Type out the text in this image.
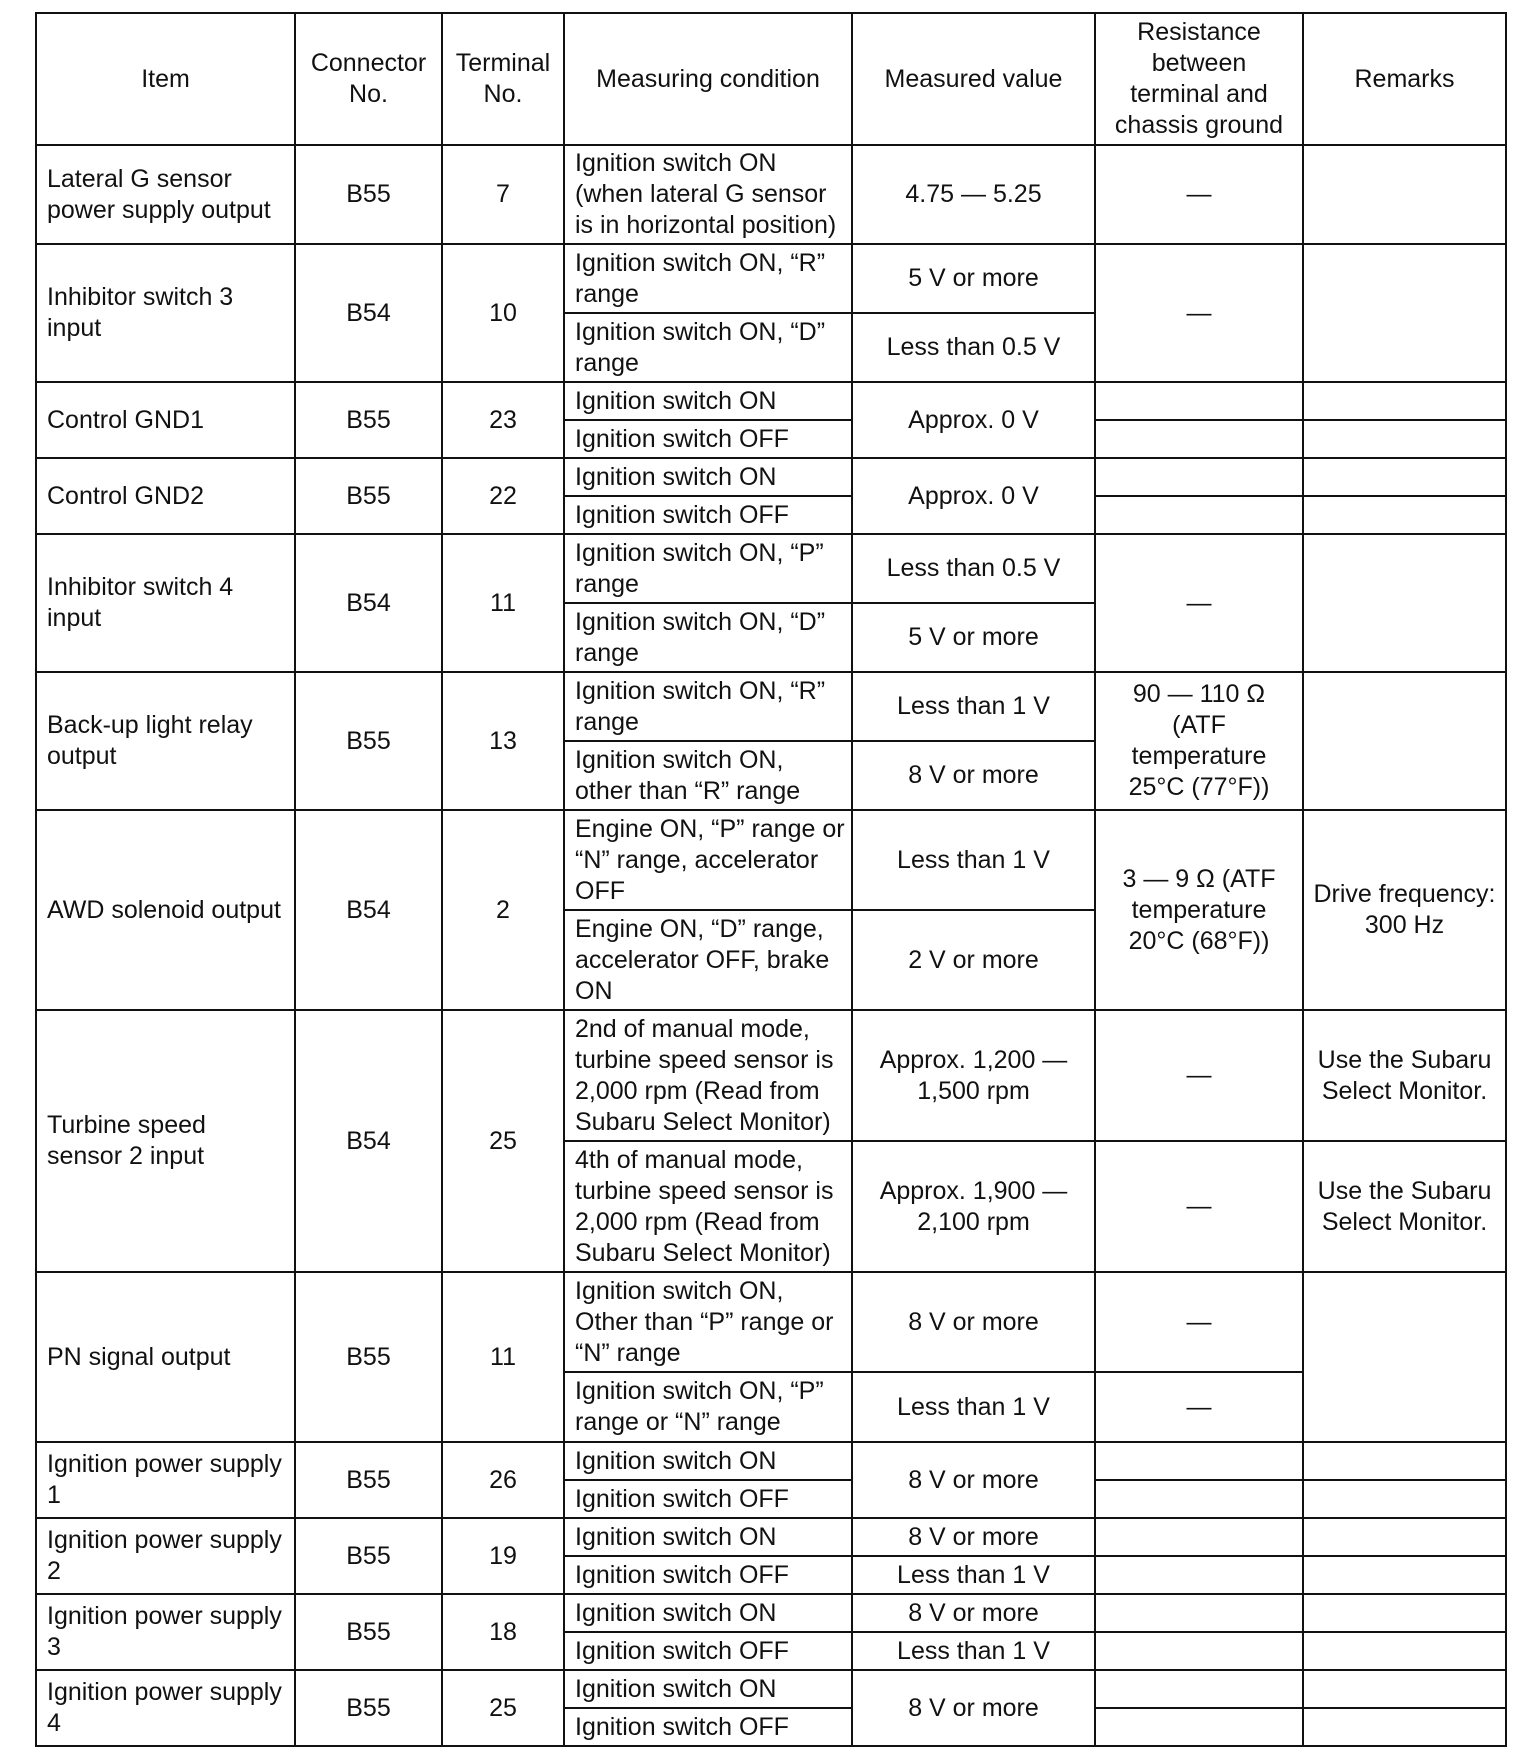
Item	Connector No.	Terminal No.	Measuring condition	Measured value	Resistance between terminal and chassis ground	Remarks
Lateral G sensor power supply output	B55	7	Ignition switch ON (when lateral G sensor is in horizontal position)	4.75 — 5.25	—	
Inhibitor switch 3 input	B54	10	Ignition switch ON, “R” range	5 V or more	—	
			Ignition switch ON, “D” range	Less than 0.5 V		
Control GND1	B55	23	Ignition switch ON	Approx. 0 V		
			Ignition switch OFF			
Control GND2	B55	22	Ignition switch ON	Approx. 0 V		
			Ignition switch OFF			
Inhibitor switch 4 input	B54	11	Ignition switch ON, “P” range	Less than 0.5 V	—	
			Ignition switch ON, “D” range	5 V or more		
Back-up light relay output	B55	13	Ignition switch ON, “R” range	Less than 1 V	90 — 110 Ω (ATF temperature 25°C (77°F))	
			Ignition switch ON, other than “R” range	8 V or more		
AWD solenoid output	B54	2	Engine ON, “P” range or “N” range, accelerator OFF	Less than 1 V	3 — 9 Ω (ATF temperature 20°C (68°F))	Drive frequency: 300 Hz
			Engine ON, “D” range, accelerator OFF, brake ON	2 V or more		
Turbine speed sensor 2 input	B54	25	2nd of manual mode, turbine speed sensor is 2,000 rpm (Read from Subaru Select Monitor)	Approx. 1,200 — 1,500 rpm	—	Use the Subaru Select Monitor.
			4th of manual mode, turbine speed sensor is 2,000 rpm (Read from Subaru Select Monitor)	Approx. 1,900 — 2,100 rpm	—	Use the Subaru Select Monitor.
PN signal output	B55	11	Ignition switch ON, Other than “P” range or “N” range	8 V or more	—	
			Ignition switch ON, “P” range or “N” range	Less than 1 V	—	
Ignition power supply 1	B55	26	Ignition switch ON	8 V or more		
			Ignition switch OFF			
Ignition power supply 2	B55	19	Ignition switch ON	8 V or more		
			Ignition switch OFF	Less than 1 V		
Ignition power supply 3	B55	18	Ignition switch ON	8 V or more		
			Ignition switch OFF	Less than 1 V		
Ignition power supply 4	B55	25	Ignition switch ON	8 V or more		
			Ignition switch OFF			
